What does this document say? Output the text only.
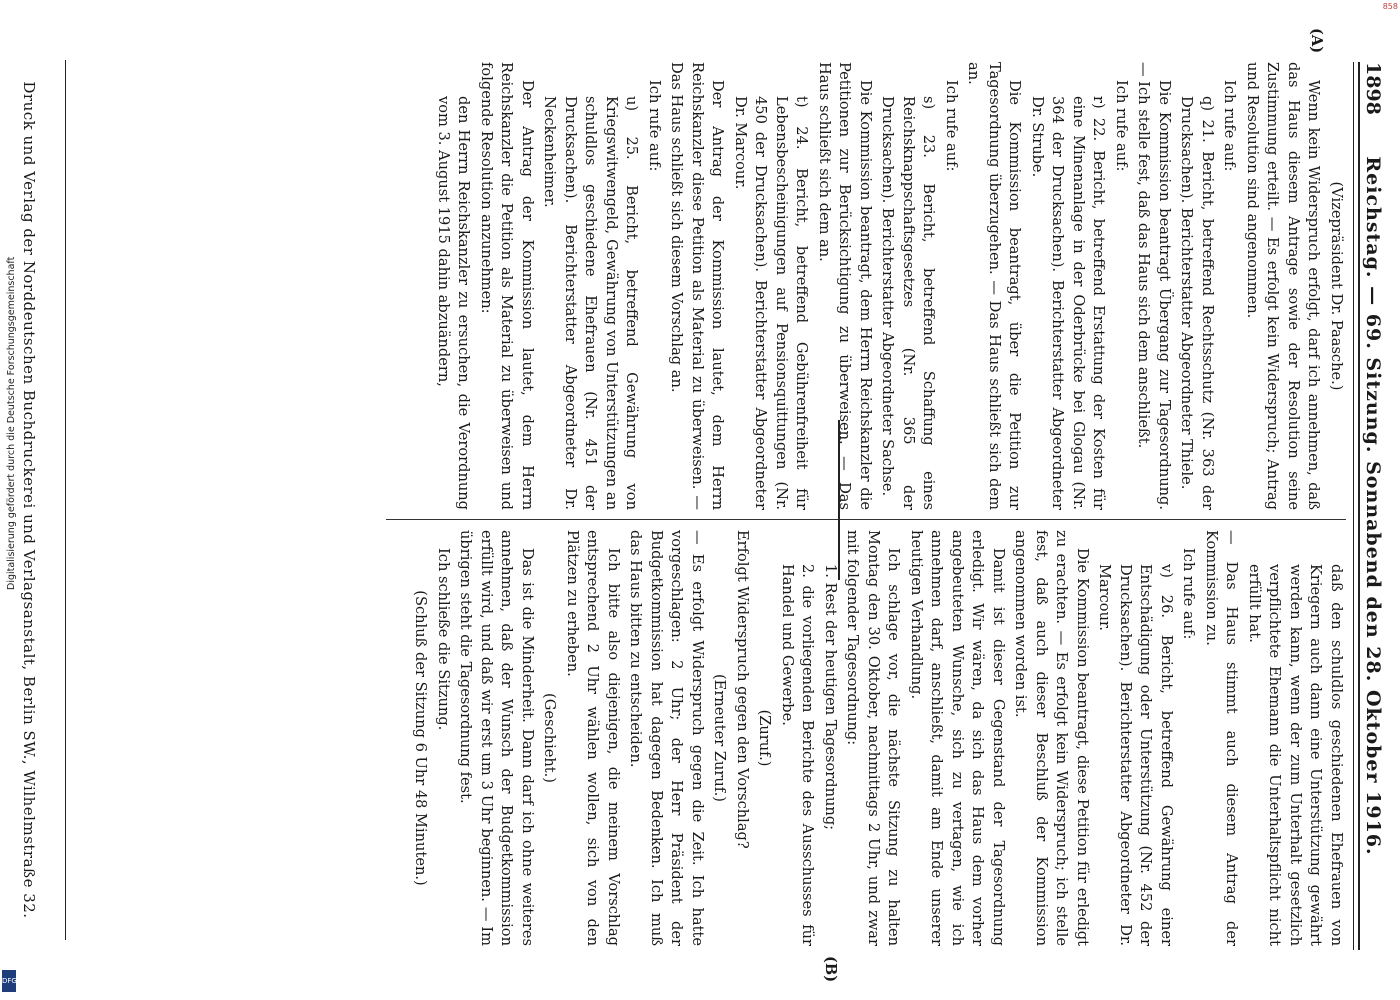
1898
Reichstag. — 69. Sitzung. Sonnabend den 28. Oktober 1916.

(Vizepräsident Dr. Paasche.)

Wenn kein Widerspruch erfolgt, darf ich annehmen, daß das Haus diesem Antrage sowie der Resolution seine Zustimmung erteilt. — Es erfolgt kein Widerspruch; Antrag und Resolution sind angenommen.

Ich rufe auf:

q) 21. Bericht, betreffend Rechtsschutz (Nr. 363 der Drucksachen). Berichterstatter Abgeordneter Thiele.

Die Kommission beantragt Übergang zur Tagesordnung. — Ich stelle fest, daß das Haus sich dem anschließt.

Ich rufe auf:

r) 22. Bericht, betreffend Erstattung der Kosten für eine Minenanlage in der Oderbrücke bei Glogau (Nr. 364 der Drucksachen). Berichterstatter Abgeordneter Dr. Strube.

Die Kommission beantragt, über die Petition zur Tagesordnung überzugehen. — Das Haus schließt sich dem an.

Ich rufe auf:

s) 23. Bericht, betreffend Schaffung eines Reichsknappschaftsgesetzes (Nr. 365 der Drucksachen). Berichterstatter Abgeordneter Sachse.

Die Kommission beantragt, dem Herrn Reichskanzler die Petitionen zur Berücksichtigung zu überweisen. — Das Haus schließt sich dem an.

t) 24. Bericht, betreffend Gebührenfreiheit für Lebensbescheinigungen auf Pensionsquittungen (Nr. 450 der Drucksachen). Berichterstatter Abgeordneter Dr. Marcour.

Der Antrag der Kommission lautet, dem Herrn Reichskanzler diese Petition als Material zu überweisen. — Das Haus schließt sich diesem Vorschlag an.

Ich rufe auf:

u) 25. Bericht, betreffend Gewährung von Kriegswitwengeld, Gewährung von Unterstützungen an schuldlos geschiedene Ehefrauen (Nr. 451 der Drucksachen). Berichterstatter Abgeordneter Dr. Neckenheimer.

Der Antrag der Kommission lautet, dem Herrn Reichskanzler die Petition als Material zu überweisen und folgende Resolution anzunehmen:

den Herrn Reichskanzler zu ersuchen, die Verordnung vom 3. August 1915 dahin abzuändern,

(A)

daß den schuldlos geschiedenen Ehefrauen von Kriegern auch dann eine Unterstützung gewährt werden kann, wenn der zum Unterhalt gesetzlich verpflichtete Ehemann die Unterhaltspflicht nicht erfüllt hat.

— Das Haus stimmt auch diesem Antrag der Kommission zu.

Ich rufe auf:

v) 26. Bericht, betreffend Gewährung einer Entschädigung oder Unterstützung (Nr. 452 der Drucksachen). Berichterstatter Abgeordneter Dr. Marcour.

Die Kommission beantragt, diese Petition für erledigt zu erachten. — Es erfolgt kein Widerspruch; ich stelle fest, daß auch dieser Beschluß der Kommission angenommen worden ist.

Damit ist dieser Gegenstand der Tagesordnung erledigt. Wir wären, da sich das Haus dem vorher angebeuteten Wunsche, sich zu vertagen, wie ich annehmen darf, anschließt, damit am Ende unserer heutigen Verhandlung.

Ich schlage vor, die nächste Sitzung zu halten Montag den 30. Oktober, nachmittags 2 Uhr, und zwar mit folgender Tagesordnung:

1. Rest der heutigen Tagesordnung;

2. die vorliegenden Berichte des Ausschusses für Handel und Gewerbe.

(Zuruf.)

Erfolgt Widerspruch gegen den Vorschlag?

(Erneuter Zuruf.)

— Es erfolgt Widerspruch gegen die Zeit. Ich hatte vorgeschlagen: 2 Uhr; der Herr Präsident der Budgetkommission hat dagegen Bedenken. Ich muß das Haus bitten zu entscheiden.

Ich bitte also diejenigen, die meinem Vorschlag entsprechend 2 Uhr wählen wollen, sich von den Plätzen zu erheben.

(Geschieht.)

Das ist die Minderheit. Dann darf ich ohne weiteres annehmen, daß der Wunsch der Budgetkommission erfüllt wird, und daß wir erst um 3 Uhr beginnen. — Im übrigen steht die Tagesordnung fest.

Ich schließe die Sitzung.

(Schluß der Sitzung 6 Uhr 48 Minuten.)

(B)
Druck und Verlag der Norddeutschen Buchdruckerei und Verlagsanstalt, Berlin SW., Wilhelmstraße 32.
Digitalisierung gefördert durch die Deutsche Forschungsgemeinschaft
DFG
858
